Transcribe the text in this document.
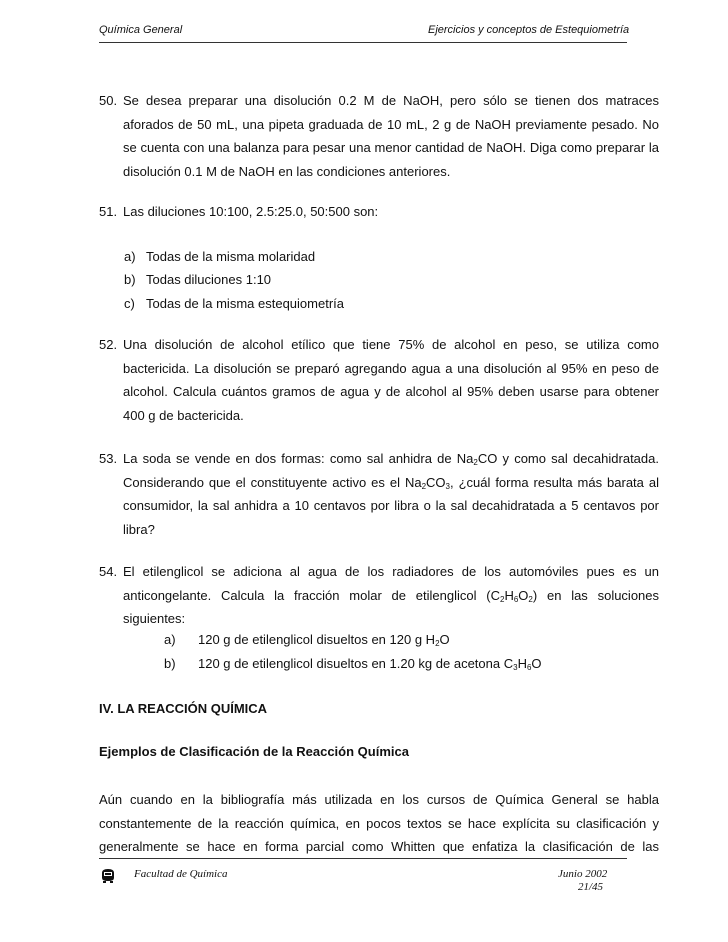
Química General	Ejercicios y conceptos de Estequiometría
50. Se desea preparar una disolución 0.2 M de NaOH, pero sólo se tienen dos matraces aforados de 50 mL, una pipeta graduada de 10 mL, 2 g de NaOH previamente pesado. No se cuenta con una balanza para pesar una menor cantidad de NaOH. Diga como preparar la disolución 0.1 M de NaOH en las condiciones anteriores.
51. Las diluciones 10:100, 2.5:25.0, 50:500 son:
a) Todas de la misma molaridad
b) Todas diluciones 1:10
c) Todas de la misma estequiometría
52. Una disolución de alcohol etílico que tiene 75% de alcohol en peso, se utiliza como bactericida. La disolución se preparó agregando agua a una disolución al 95% en peso de alcohol. Calcula cuántos gramos de agua y de alcohol al 95% deben usarse para obtener 400 g de bactericida.
53. La soda se vende en dos formas: como sal anhidra de $Na_2CO$ y como sal decahidratada. Considerando que el constituyente activo es el $Na_2CO_3$, ¿cuál forma resulta más barata al consumidor, la sal anhidra a 10 centavos por libra o la sal decahidratada a 5 centavos por libra?
54. El etilenglicol se adiciona al agua de los radiadores de los automóviles pues es un anticongelante. Calcula la fracción molar de etilenglicol $(C_2H_6O_2)$ en las soluciones siguientes:
a) 120 g de etilenglicol disueltos en 120 g $H_2O$
b) 120 g de etilenglicol disueltos en 1.20 kg de acetona $C_3H_6O$
IV. LA REACCIÓN QUÍMICA
Ejemplos de Clasificación de la Reacción Química
Aún cuando en la bibliografía más utilizada en los cursos de Química General se habla constantemente de la reacción química, en pocos textos se hace explícita su clasificación y generalmente se hace en forma parcial como Whitten que enfatiza la clasificación de las
Facultad de Química	Junio 2002
21/45
